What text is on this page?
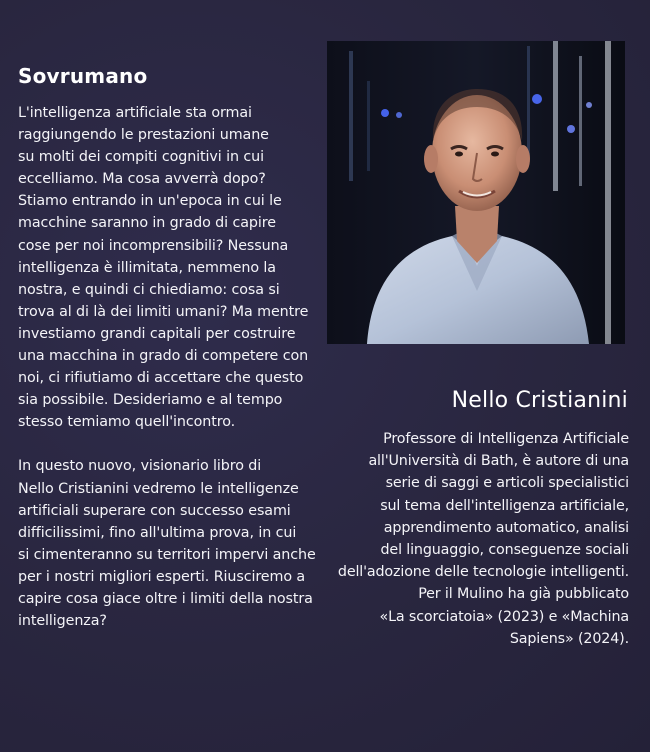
Sovrumano

L'intelligenza artificiale sta ormai
raggiungendo le prestazioni umane
su molti dei compiti cognitivi in cui
eccelliamo. Ma cosa avverrà dopo?
Stiamo entrando in un'epoca in cui le
macchine saranno in grado di capire
cose per noi incomprensibili? Nessuna
intelligenza è illimitata, nemmeno la
nostra, e quindi ci chiediamo: cosa si
trova al di là dei limiti umani? Ma mentre
investiamo grandi capitali per costruire
una macchina in grado di competere con
noi, ci rifiutiamo di accettare che questo
sia possibile. Desideriamo e al tempo
stesso temiamo quell'incontro.

In questo nuovo, visionario libro di
Nello Cristianini vedremo le intelligenze
artificiali superare con successo esami
difficilissimi, fino all'ultima prova, in cui
si cimenteranno su territori impervi anche
per i nostri migliori esperti. Riusciremo a
capire cosa giace oltre i limiti della nostra
intelligenza?

Nello Cristianini

Professore di Intelligenza Artificiale
all'Università di Bath, è autore di una
serie di saggi e articoli specialistici
sul tema dell'intelligenza artificiale,
apprendimento automatico, analisi
del linguaggio, conseguenze sociali
dell'adozione delle tecnologie intelligenti.
Per il Mulino ha già pubblicato
«La scorciatoia» (2023) e «Machina
Sapiens» (2024).
